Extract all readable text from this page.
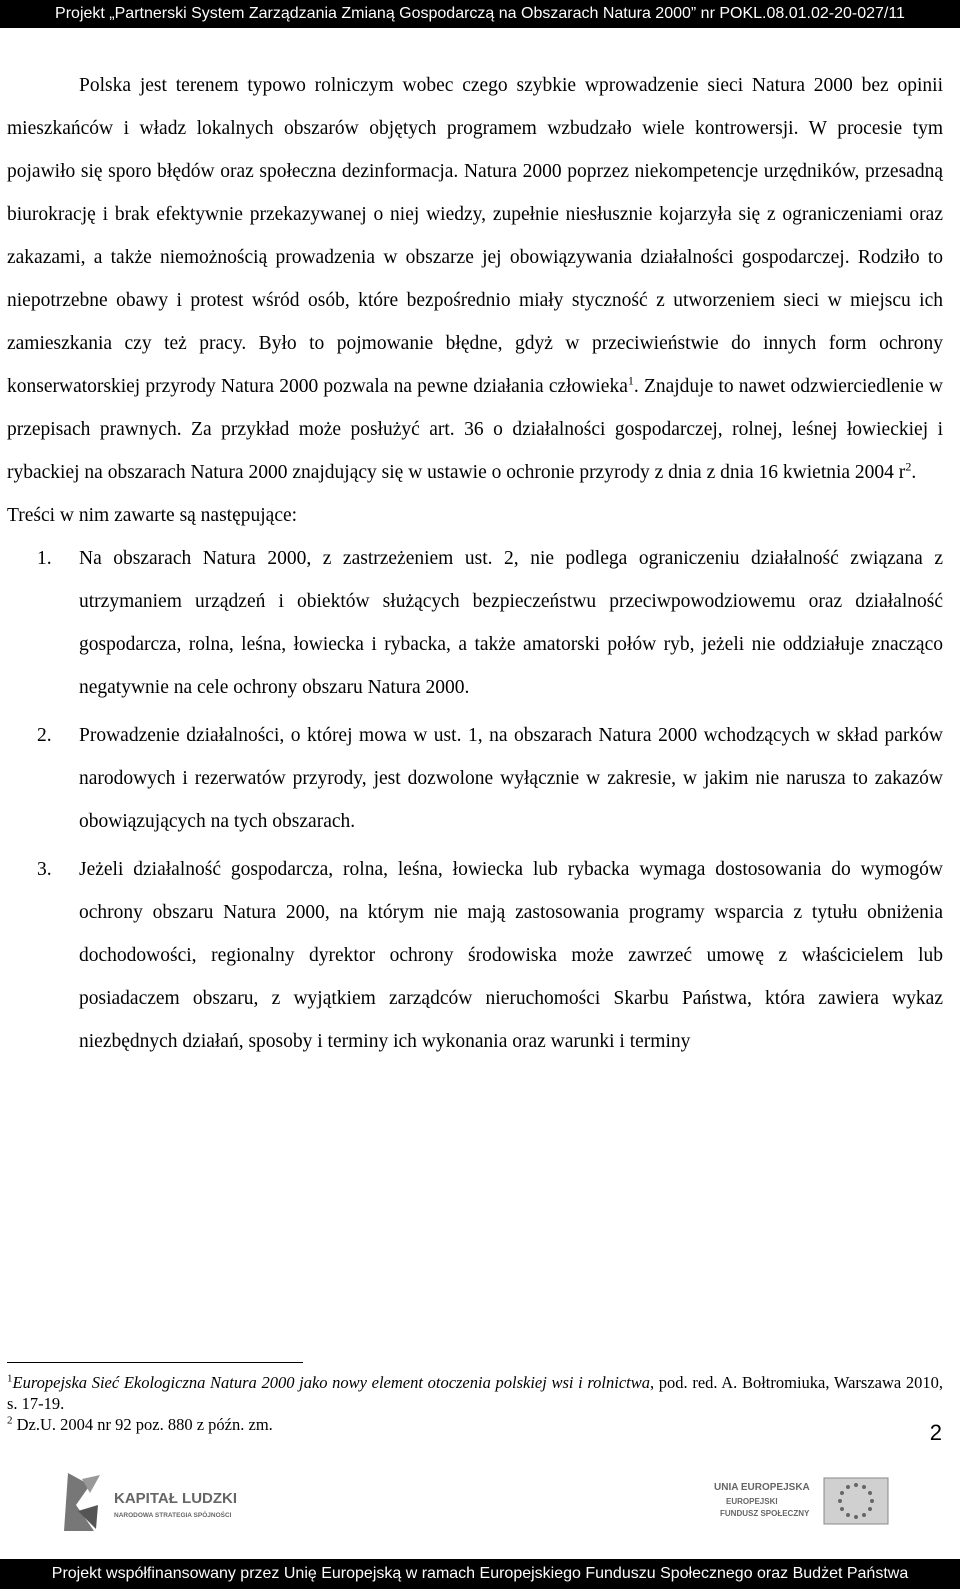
Projekt „Partnerski System Zarządzania Zmianą Gospodarczą na Obszarach Natura 2000” nr POKL.08.01.02-20-027/11

Polska jest terenem typowo rolniczym wobec czego szybkie wprowadzenie sieci Natura 2000 bez opinii mieszkańców i władz lokalnych obszarów objętych programem wzbudzało wiele kontrowersji. W procesie tym pojawiło się sporo błędów oraz społeczna dezinformacja. Natura 2000 poprzez niekompetencje urzędników, przesadną biurokrację i brak efektywnie przekazywanej o niej wiedzy, zupełnie niesłusznie kojarzyła się z ograniczeniami oraz zakazami, a także niemożnością prowadzenia w obszarze jej obowiązywania działalności gospodarczej. Rodziło to niepotrzebne obawy i protest wśród osób, które bezpośrednio miały styczność z utworzeniem sieci w miejscu ich zamieszkania czy też pracy. Było to pojmowanie błędne, gdyż w przeciwieństwie do innych form ochrony konserwatorskiej przyrody Natura 2000 pozwala na pewne działania człowieka$^1$. Znajduje to nawet odzwierciedlenie w przepisach prawnych. Za przykład może posłużyć art. 36 o działalności gospodarczej, rolnej, leśnej łowieckiej i rybackiej na obszarach Natura 2000 znajdujący się w ustawie o ochronie przyrody z dnia z dnia 16 kwietnia 2004 $r^2$.

Treści w nim zawarte są następujące:

1. Na obszarach Natura 2000, z zastrzeżeniem ust. 2, nie podlega ograniczeniu działalność związana z utrzymaniem urządzeń i obiektów służących bezpieczeństwu przeciwpowodziowemu oraz działalność gospodarcza, rolna, leśna, łowiecka i rybacka, a także amatorski połów ryb, jeżeli nie oddziałuje znacząco negatywnie na cele ochrony obszaru Natura 2000.
2. Prowadzenie działalności, o której mowa w ust. 1, na obszarach Natura 2000 wchodzących w skład parków narodowych i rezerwatów przyrody, jest dozwolone wyłącznie w zakresie, w jakim nie narusza to zakazów obowiązujących na tych obszarach.
3. Jeżeli działalność gospodarcza, rolna, leśna, łowiecka lub rybacka wymaga dostosowania do wymogów ochrony obszaru Natura 2000, na którym nie mają zastosowania programy wsparcia z tytułu obniżenia dochodowości, regionalny dyrektor ochrony środowiska może zawrzeć umowę z właścicielem lub posiadaczem obszaru, z wyjątkiem zarządców nieruchomości Skarbu Państwa, która zawiera wykaz niezbędnych działań, sposoby i terminy ich wykonania oraz warunki i terminy

$^1$Europejska Sieć Ekologiczna Natura 2000 jako nowy element otoczenia polskiej wsi i rolnictwa, pod. red. A. Bołtromiuka, Warszawa 2010, s. 17-19.

$^2$ Dz.U. 2004 nr 92 poz. 880 z późn. zm.	2
KAPITAŁ LUDZKI
NARODOWA STRATEGIA SPÓJNOŚCI
UNIA EUROPEJSKA
EUROPEJSKI
FUNDUSZ SPOŁECZNY
Projekt współfinansowany przez Unię Europejską w ramach Europejskiego Funduszu Społecznego oraz Budżet Państwa
